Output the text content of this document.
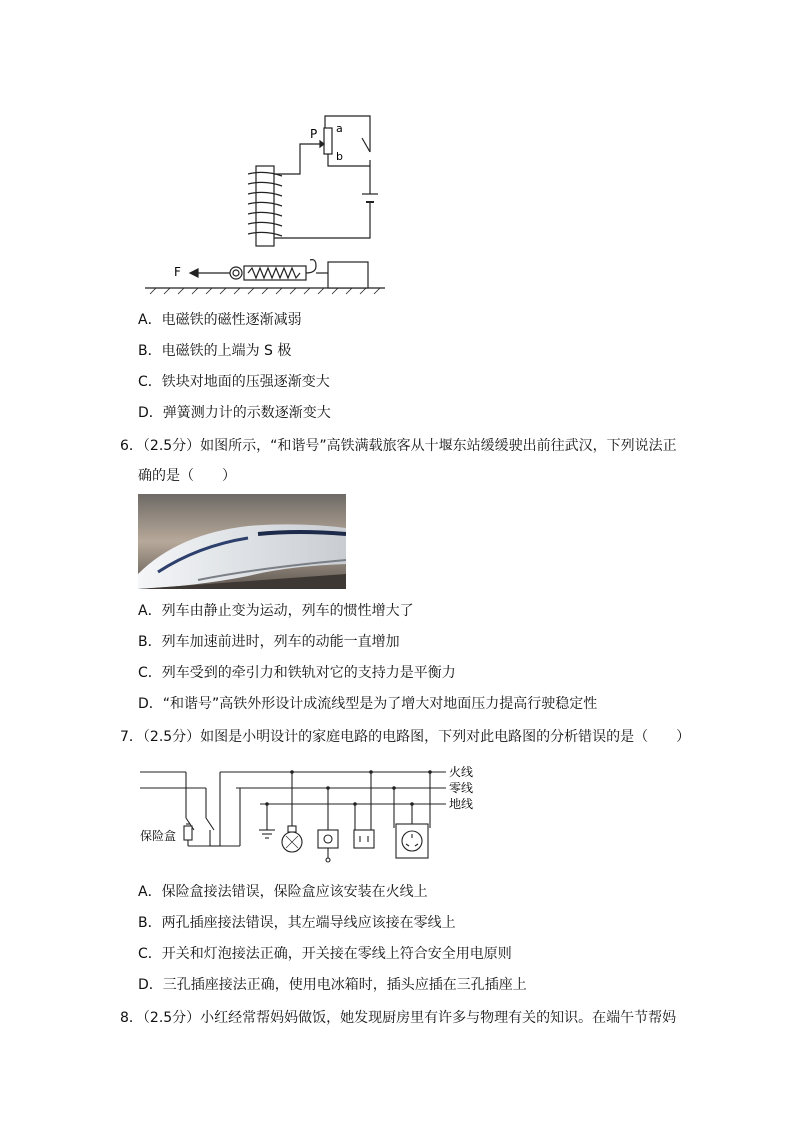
P a
b
F
A．电磁铁的磁性逐渐减弱
B．电磁铁的上端为 S 极
C．铁块对地面的压强逐渐变大
D．弹簧测力计的示数逐渐变大
6．（2.5分）如图所示，“和谐号”高铁满载旅客从十堰东站缓缓驶出前往武汉，下列说法正
确的是（　　）
A．列车由静止变为运动，列车的惯性增大了
B．列车加速前进时，列车的动能一直增加
C．列车受到的牵引力和铁轨对它的支持力是平衡力
D．“和谐号”高铁外形设计成流线型是为了增大对地面压力提高行驶稳定性
7．（2.5分）如图是小明设计的家庭电路的电路图，下列对此电路图的分析错误的是（　　）
火线
零线
地线
保险盒
A．保险盒接法错误，保险盒应该安装在火线上
B．两孔插座接法错误，其左端导线应该接在零线上
C．开关和灯泡接法正确，开关接在零线上符合安全用电原则
D．三孔插座接法正确，使用电冰箱时，插头应插在三孔插座上
8．（2.5分）小红经常帮妈妈做饭，她发现厨房里有许多与物理有关的知识。在端午节帮妈
